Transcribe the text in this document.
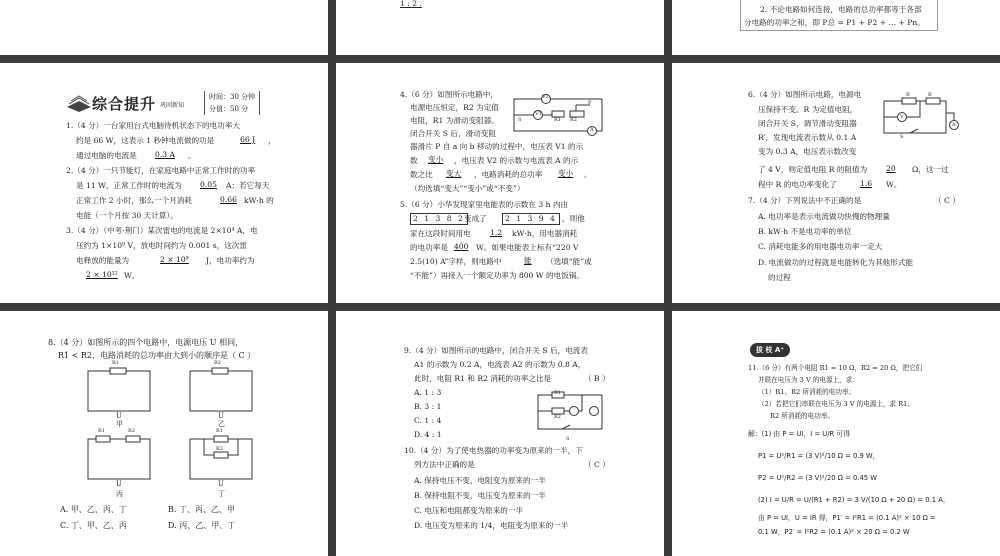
1 : 2 .
2. 不论电路如何连接，电路的总功率都等于各部
分电路的功率之和，即 P总 = P1 + P2 + … + Pn。
综合提升 巩固新知
时间：30 分钟
分值：50 分
1.（4 分）一台家用台式电脑待机状态下的电功率大
约是 66 W，这表示 1 秒钟电流做的功是	66 J ，
通过电脑的电流是 0.3 A 。
2.（4 分）一只节能灯，在家庭电路中正常工作时的功率
是 11 W，正常工作时的电流为 0.05 A；若它每天
正常工作 2 小时，那么一个月消耗	0.66 kW·h 的
电能（一个月按 30 天计算）。
3.（4 分）（中考·荆门）某次雷电的电流是 2×10⁴ A，电
压约为 1×10⁹ V，放电时间约为 0.001 s，这次雷
电释放的能量为	2 × 10⁹ J，电功率约为
2 × 10¹² W。
4.（6 分）如图所示电路中，
电源电压恒定，R2 为定值
电阻，R1 为滑动变阻器。
闭合开关 S 后，滑动变阻
器滑片 P 自 a 向 b 移动的过程中，电压表 V1 的示
数 变小 ，电压表 V2 的示数与电流表 A 的示
数之比 变大 ，电路消耗的总功率 变小 。
（均选填“变大”“变小”或“不变”）
V2
V1
A
S	R1 R2
P
5.（6 分）小华发现家里电能表的示数在 3 h 内由
2 1 3 8 2 变成了	2 1 3 9 4 ，则他
家在这段时间用电	1.2 kW·h，用电器消耗
的电功率是 400 W。如果电能表上标有“220 V
2.5(10) A”字样，则电路中	能 （选填“能”或
“不能”）再接入一个额定功率为 800 W 的电饭锅。
6.（4 分）如图所示电路，电源电
压保持不变。R 为定值电阻，
闭合开关 S，调节滑动变阻器
R′，发现电流表示数从 0.1 A
变为 0.3 A，电压表示数改变
了 4 V，则定值电阻 R 的阻值为 20 Ω，这一过
程中 R 的电功率变化了	1.6 W。
R	R′
V
A
S
7.（4 分）下列说法中不正确的是	（ C ）
A. 电功率是表示电流做功快慢的物理量
B. kW·h 不是电功率的单位
C. 消耗电能多的用电器电功率一定大
D. 电流做功的过程就是电能转化为其他形式能
的过程
8.（4 分）如图所示的四个电路中，电源电压 U 相同，
R1 < R2，电路消耗的总功率由大到小的顺序是（ C ）
R1	R2
U	U
甲	乙
R1	R2	R1
R2
U	U
丙	丁
A. 甲、乙、丙、丁	B. 丁、丙、乙、甲
C. 丁、甲、乙、丙	D. 丙、乙、甲、丁
9.（4 分）如图所示的电路中，闭合开关 S 后，电流表
A1 的示数为 0.2 A，电流表 A2 的示数为 0.8 A，
此时，电阻 R1 和 R2 消耗的功率之比是	（ B ）
A. 1 : 3
B. 3 : 1
C. 1 : 4
D. 4 : 1
R1
R2
S
10.（4 分）为了使电热器的功率变为原来的一半，下
列方法中正确的是	（ C ）
A. 保持电压不变，电阻变为原来的一半
B. 保持电阻不变，电压变为原来的一半
C. 电压和电阻都变为原来的一半
D. 电压变为原来的 1/4，电阻变为原来的一半
拔 枝 A⁺
11.（6 分）有两个电阻 R1 = 10 Ω，R2 = 20 Ω，把它们
并联在电压为 3 V 的电源上，求：
（1）R1、R2 所消耗的电功率；
（2）若把它们串联在电压为 3 V 的电源上，求 R1、
R2 所消耗的电功率。
解：(1) 由 P = UI，I = U/R 可得
P1 = U²/R1 = (3 V)²/10 Ω = 0.9 W，
P2 = U²/R2 = (3 V)²/20 Ω = 0.45 W
(2) I = U/R = U/(R1 + R2) = 3 V/(10 Ω + 20 Ω) = 0.1 A，
由 P = UI，U = IR 得，P1′ = I²R1 = (0.1 A)² × 10 Ω =
0.1 W，P2′ = I²R2 = (0.1 A)² × 20 Ω = 0.2 W
